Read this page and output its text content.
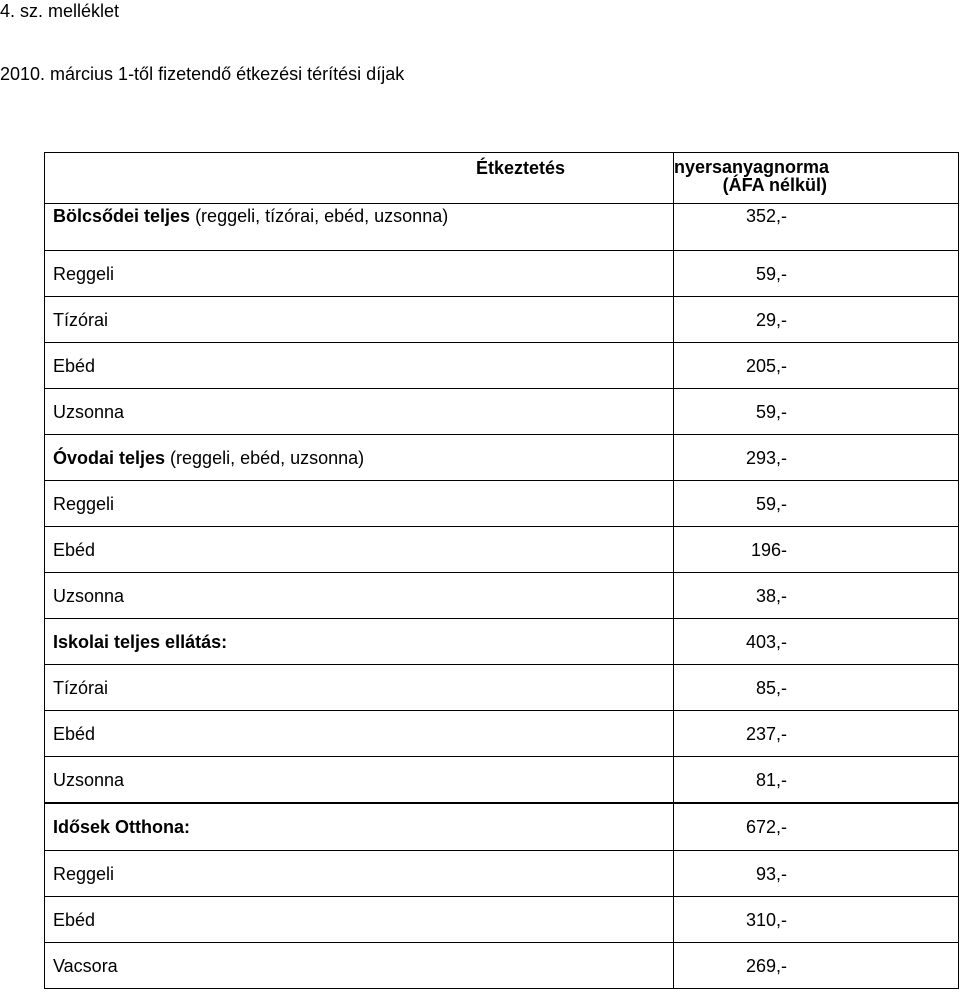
4. sz. melléklet
2010. március 1-től fizetendő étkezési térítési díjak
Étkeztetés	nyersanyagnorma
(ÁFA nélkül)
Bölcsődei teljes (reggeli, tízórai, ebéd, uzsonna)	352,-
Reggeli	59,-
Tízórai	29,-
Ebéd	205,-
Uzsonna	59,-
Óvodai teljes (reggeli, ebéd, uzsonna)	293,-
Reggeli	59,-
Ebéd	196-
Uzsonna	38,-
Iskolai teljes ellátás:	403,-
Tízórai	85,-
Ebéd	237,-
Uzsonna	81,-
Idősek Otthona:	672,-
Reggeli	93,-
Ebéd	310,-
Vacsora	269,-
